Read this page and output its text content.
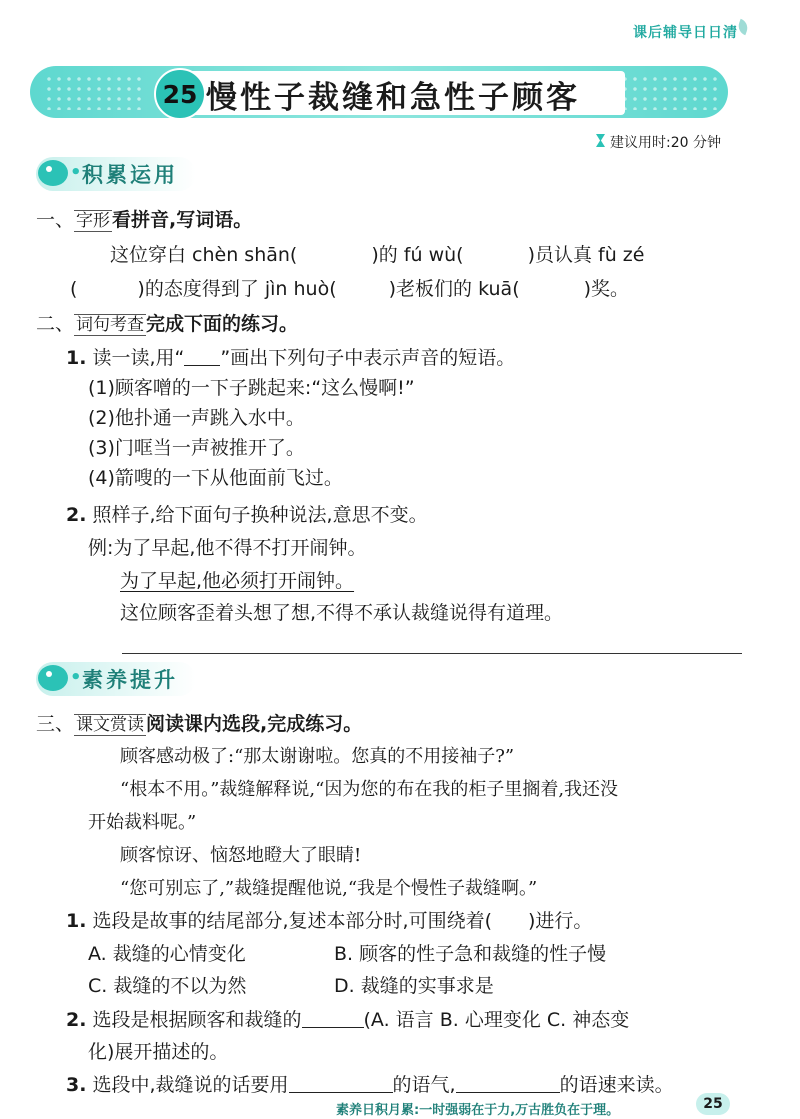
课后辅导日日清
25 慢性子裁缝和急性子顾客
建议用时:20 分钟
• 积累运用
一、 字形 看拼音,写词语。
这位穿白 chèn shān(	)的 fú wù(	)员认真 fù zé
(	)的态度得到了 jìn huò(	)老板们的 kuā(	)奖。
二、 词句考查 完成下面的练习。
1. 读一读,用“ ”画出下列句子中表示声音的短语。
(1)顾客噌的一下子跳起来:“这么慢啊!”
(2)他扑通一声跳入水中。
(3)门哐当一声被推开了。
(4)箭嗖的一下从他面前飞过。
2. 照样子,给下面句子换种说法,意思不变。
例:为了早起,他不得不打开闹钟。
为了早起,他必须打开闹钟。
这位顾客歪着头想了想,不得不承认裁缝说得有道理。
• 素养提升
三、 课文赏读 阅读课内选段,完成练习。
顾客感动极了:“那太谢谢啦。您真的不用接袖子?”
“根本不用。”裁缝解释说,“因为您的布在我的柜子里搁着,我还没
开始裁料呢。”
顾客惊讶、恼怒地瞪大了眼睛!
“您可别忘了,”裁缝提醒他说,“我是个慢性子裁缝啊。”
1. 选段是故事的结尾部分,复述本部分时,可围绕着( )进行。
A. 裁缝的心情变化	B. 顾客的性子急和裁缝的性子慢
C. 裁缝的不以为然	D. 裁缝的实事求是
2. 选段是根据顾客和裁缝的	(A. 语言 B. 心理变化 C. 神态变
化)展开描述的。
3. 选段中,裁缝说的话要用	的语气,	的语速来读。
素养日积月累:一时强弱在于力,万古胜负在于理。	25
